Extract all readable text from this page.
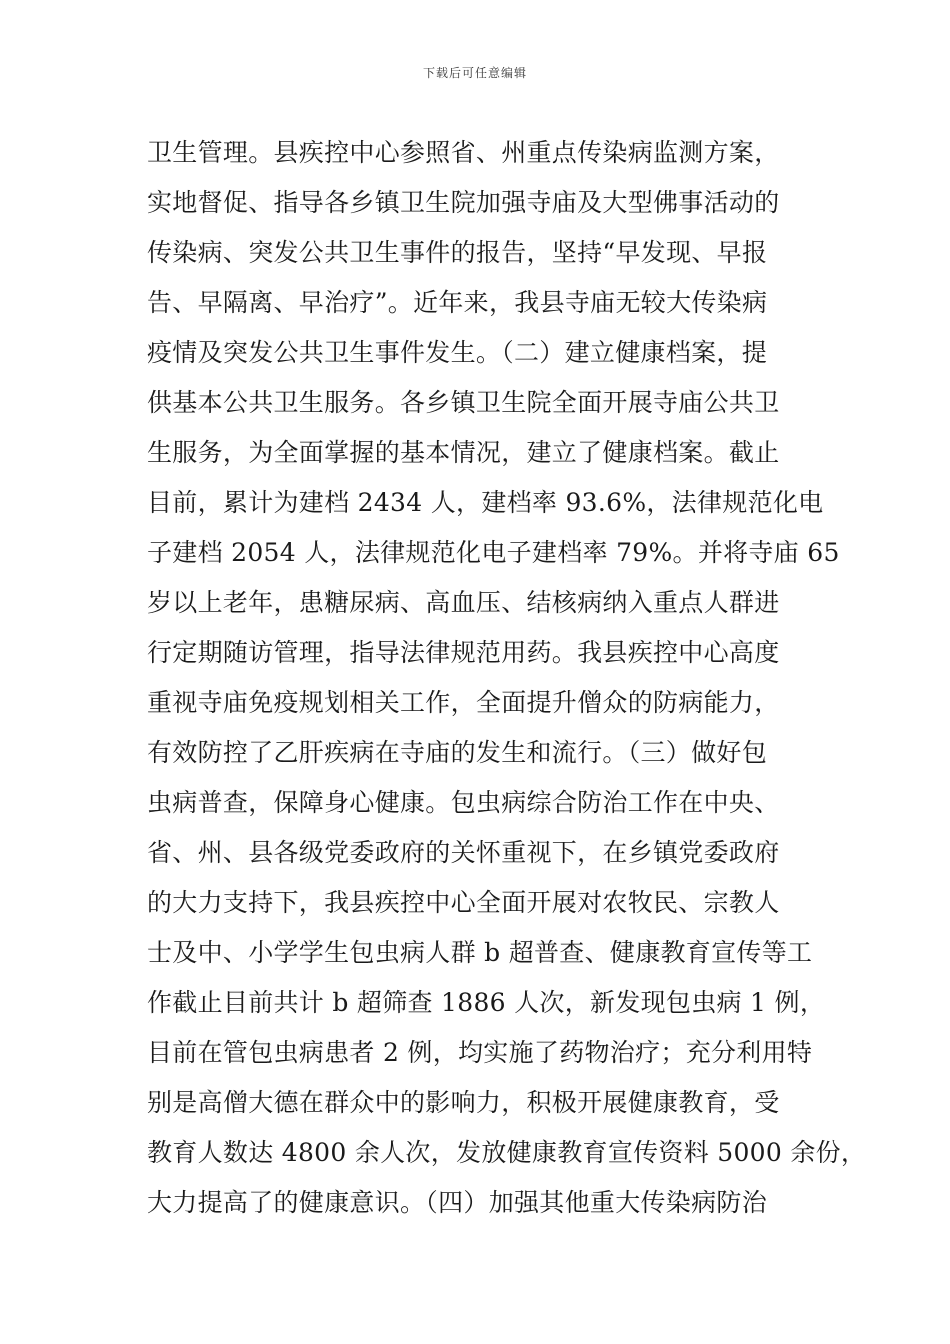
下载后可任意编辑
卫生管理。县疾控中心参照省、州重点传染病监测方案，
实地督促、指导各乡镇卫生院加强寺庙及大型佛事活动的
传染病、突发公共卫生事件的报告，坚持“早发现、早报
告、早隔离、早治疗”。近年来，我县寺庙无较大传染病
疫情及突发公共卫生事件发生。（二）建立健康档案，提
供基本公共卫生服务。各乡镇卫生院全面开展寺庙公共卫
生服务，为全面掌握的基本情况，建立了健康档案。截止
目前，累计为建档 2434 人，建档率 93.6%，法律规范化电
子建档 2054 人，法律规范化电子建档率 79%。并将寺庙 65
岁以上老年，患糖尿病、高血压、结核病纳入重点人群进
行定期随访管理，指导法律规范用药。我县疾控中心高度
重视寺庙免疫规划相关工作，全面提升僧众的防病能力，
有效防控了乙肝疾病在寺庙的发生和流行。（三）做好包
虫病普查，保障身心健康。包虫病综合防治工作在中央、
省、州、县各级党委政府的关怀重视下，在乡镇党委政府
的大力支持下，我县疾控中心全面开展对农牧民、宗教人
士及中、小学学生包虫病人群 b 超普查、健康教育宣传等工
作截止目前共计 b 超筛查 1886 人次，新发现包虫病 1 例，
目前在管包虫病患者 2 例，均实施了药物治疗；充分利用特
别是高僧大德在群众中的影响力，积极开展健康教育，受
教育人数达 4800 余人次，发放健康教育宣传资料 5000 余份，
大力提高了的健康意识。（四）加强其他重大传染病防治
